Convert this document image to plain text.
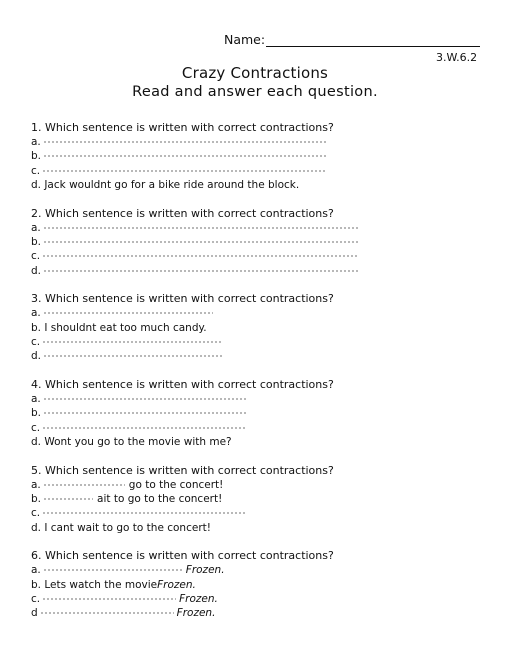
Name:
3.W.6.2
Crazy Contractions
Read and answer each question.
1. Which sentence is written with correct contractions?
a.
b.
c.
d. Jack wouldnt go for a bike ride around the block.
2. Which sentence is written with correct contractions?
a.
b.
c.
d.
3. Which sentence is written with correct contractions?
a.
b. I shouldnt eat too much candy.
c.
d.
4. Which sentence is written with correct contractions?
a.
b.
c.
d. Wont you go to the movie with me?
5. Which sentence is written with correct contractions?
a.	go to the concert!
b.	ait to go to the concert!
c.
d. I cant wait to go to the concert!
6. Which sentence is written with correct contractions?
a.	Frozen.
b. Lets watch the movie Frozen.
c.	Frozen.
d	Frozen.
